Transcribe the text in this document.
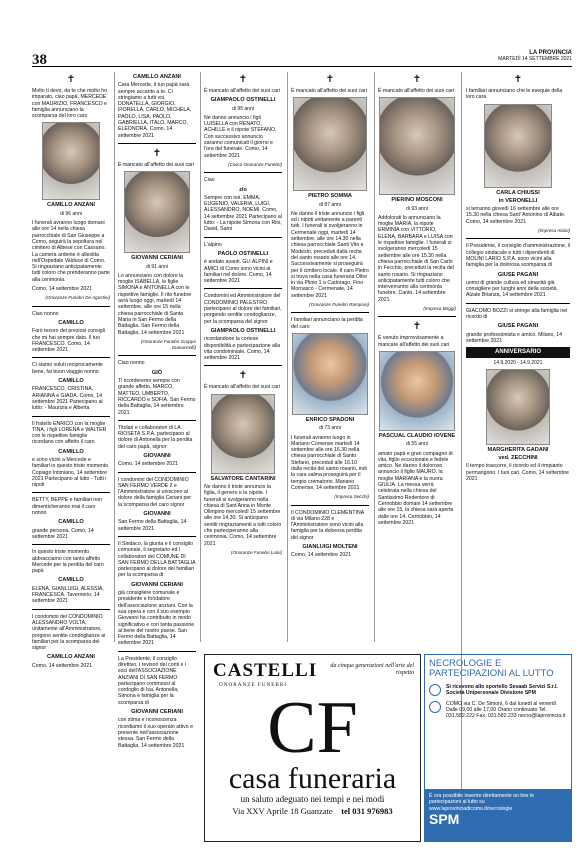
38	LA PROVINCIA
MARTEDÌ 14 SETTEMBRE 2021
✝

Molto ti devo, da te che molto ho imparato, ciao papà. MERCEDE con MAURIZIO, FRANCESCO e famiglia annunciano la scomparsa del loro caro

CAMILLO ANZANI
di 96 anni

I funerali avranno luogo domani alle ore 14 nella chiesa parrocchiale di San Giuseppe a Como, seguirà la sepoltura nel cimitero di Albese con Cassano. La camera ardente è allestita nell'Ospedale Valduce di Como. Si ringraziano anticipatamente tutti coloro che prenderanno parte alla cerimonia.

Como, 14 settembre 2021

(Onoranze Funebri De Agostini)

Ciao nonno

CAMILLO

Farò tesoro dei preziosi consigli che mi hai sempre dato. Il tuo FRANCESCO. Como, 14 settembre 2021

Ci siamo voluti reciprocamente bene, fai buon viaggio nonno

CAMILLO

FRANCESCO, CRISTINA, ARIANNA e GIADA. Como, 14 settembre 2021 Partecipano al lutto: - Maurizia e Alberta

Il fratello ENRICO con la moglie TINA, i figli LORENA e WALTER con le rispettive famiglie ricordano con affetto il caro

CAMILLO

e sono vicini a Mercede e familiari in questo triste momento. Copiago Intimiano, 14 settembre 2021 Partecipano al lutto - Tutti i nipoti

BETTY, BEPPE e familiari non dimenticheranno mai il caro nonno

CAMILLO

grande persona. Como, 14 settembre 2021

In questo triste momento abbracciamo con tanto affetto Mercede per la perdita del caro papà

CAMILLO

ELENA, GIANLUIGI, ALESSIA, FRANCESCA. Tavernerio, 14 settembre 2021

I condomini del CONDOMINIO ALESSANDRO VOLTA, unitamente all'Amministratore, porgono sentite condoglianze ai familiari per la scomparsa del signor

CAMILLO ANZANI

Como, 14 settembre 2021

CAMILLO ANZANI

Cara Mercede, il tuo papà sarà sempre accanto a te. Ci stringiamo a tutti voi. DONATELLA, GIORGIO, FIORELLA, CARLO, MICHELA, PAOLO, LISA, PAOLO, GABRIELLA, ITALO, MARCO, ELEONORA. Como, 14 settembre 2021

✝

È mancato all'affetto dei suoi cari

GIOVANNI CERIANI
di 91 anni

Lo annunciano con dolore la moglie ISABELLA, le figlie SIMONA e ANTONELLA con le rispettive famiglie. Il rito funebre avrà luogo oggi, martedì 14 settembre, alle ore 15 nella chiesa parrocchiale di Santa Maria in San Fermo della Battaglia. San Fermo della Battaglia, 14 settembre 2021

(Onoranze Funebri Gruppo Gianoncelli)

Ciao nonno

GIÒ

Ti ricorderemo sempre con grande affetto. MARCO, MATTEO, UMBERTO, RICCARDO e SOFIA. San Fermo della Battaglia, 14 settembre 2021

Titolari e collaboratori di LA RIOSETA S.P.A. partecipano al dolore di Antonella per la perdita del caro papà, signor

GIOVANNI

Como, 14 settembre 2021

I condomini del CONDOMINIO SAN FERMO VERDE 2 e l'Amministratore si uniscono al dolore della famiglia Ceriani per la scomparsa del caro signor

GIOVANNI

San Fermo della Battaglia, 14 settembre 2021

Il Sindaco, la giunta e il consiglio comunale, il segretario ed i collaboratori del COMUNE DI SAN FERMO DELLA BATTAGLIA partecipano al dolore dei familiari per la scomparsa di

GIOVANNI CERIANI

già consigliere comunale e presidente e fondatore dell'associazione anziani. Con la sua opera e con il suo esempio Giovanni ha contribuito in modo significativo e con tanta passione al bene del nostro paese. San Fermo della Battaglia, 14 settembre 2021

La Presidente, il consiglio direttivo, i revisori dei conti e i soci dell'ASSOCIAZIONE ANZIANI DI SAN FERMO partecipano commossi al cordoglio di Isa, Antonella, Simona e famiglia per la scomparsa di

GIOVANNI CERIANI

con stima e riconoscenza ricordiamo il suo operato attivo e presente nell'associazione stessa. San Fermo della Battaglia, 14 settembre 2021

✝

È mancato all'affetto dei suoi cari

GIAMPAOLO OSTINELLI
di 95 anni

Ne danno annuncio i figli LUISELLA con RENATO, ACHILLE e il nipote STEFANO. Con successivo annuncio saranno comunicati il giorno e l'ora del funerale. Como, 14 settembre 2021

(Civico Onoranze Funebri)

Ciao

zio

Sempre con noi. EMMA, EUGENIO, VALERIA, LUIGI, ALESSANDRO, NOEMI. Como, 14 settembre 2021 Partecipano al lutto: - La nipote Simona con Rini, David, Sami

L'alpino

PAOLO OSTINELLI

è andato avanti. GLI ALPINI e AMICI di Como sono vicini ai familiari nel dolore. Como, 14 settembre 2021

Condomini ed Amministratore del CONDOMINIO PALESTRO partecipano al dolore dei familiari, porgendo sentite condoglianze, per la scomparsa del signor

GIAMPAOLO OSTINELLI

ricordandone la cortese disponibilità e partecipazione alla vita condominiale. Como, 14 settembre 2021

✝

È mancato all'affetto dei suoi cari

SALVATORE CANTARINI

Ne danno il triste annuncio la figlia, il genero e la nipote. I funerali si svolgeranno nella chiesa di Sant'Anna in Monte Olimpino mercoledì 15 settembre alle ore 14.30. Si anticipano sentiti ringraziamenti a tutti coloro che parteciperanno alla cerimonia. Como, 14 settembre 2021

(Onoranze Funebri Luini)
✝

È mancato all'affetto dei suoi cari

PIETRO SOMMA
di 87 anni

Ne danno il triste annuncio i figli ed i nipoti unitamente a parenti tutti. I funerali si svolgeranno in Cermenate oggi, martedì 14 settembre, alle ore 14.30 nella chiesa parrocchiale Santi Vito e Modesto, preceduti dalla recita del santo rosario alle ore 14. Successivamente si proseguirà per il cimitero locale. Il caro Pietro si trova nella casa funeraria Oltre in via Plinio 1 a Cadorago. Fino Mornasco - Cermenate, 14 settembre 2021

(Onoranze Funebri Ramponi)

I familiari annunciano la perdita del caro

ENRICO SPADONI
di 73 anni

I funerali avranno luogo in Mariano Comense martedì 14 settembre alle ore 16.30 nella chiesa parrocchiale di Santo Stefano, preceduti alle 16.10 dalla recita del santo rosario, indi la cara salma proseguirà per il tempio crematorio. Mariano Comense, 14 settembre 2021

(Impresa Secchi)

Il CONDOMINIO CLEMENTINA di via Milano 228 e l'Amministratore sono vicini alla famiglia per la dolorosa perdita del signor

GIANLUIGI MOLTENI

Como, 14 settembre 2021

✝

È mancato all'affetto dei suoi cari

PIERINO MOSCONI
di 93 anni

Addolorati lo annunciano la moglie MARIA, la nipote ERMINIA con VITTORIO, ELENA, BARBARA e LUISA con le rispettive famiglie. I funerali si svolgeranno mercoledì 15 settembre alle ore 15.30 nella chiesa parrocchiale di San Carlo in Fecchio, preceduti la recita del santo rosario. Si ringraziano anticipatamente tutti coloro che interverranno alla cerimonia funebre. Cantù, 14 settembre 2021

(Impresa Briggi)
✝

È venuto improvvisamente a mancare all'affetto dei suoi cari

PASCUAL CLAUDIO IOVENE
di 55 anni

amato papà e gran compagno di vita, figlio eccezionale e fedele amico. Ne danno il doloroso annuncio il figlio MAURO, la moglie MARIANA e la nuora GIULIA. La messa verrà celebrata nella chiesa del Santissimo Redentore di Cernobbio domani 14 settembre alle ore 15, la chiesa sarà aperta dalle ore 14. Cernobbio, 14 settembre 2021

✝

I familiari annunciano che le esequie della loro cara

CARLA CHIUSSI
in VERONELLI

si terranno giovedì 16 settembre alle ore 15.30 nella chiesa Sant' Antonino di Albate. Como, 14 settembre 2021

(Impresa Alaini)

Il Presidente, il consiglio d'amministrazione, il collegio sindacale e tutti i dipendenti di MOLINI LARIO S.P.A. sono vicini alla famiglia per la dolorosa scomparsa di

GIUSE PAGANI

uomo di grande cultura ed umanità già consigliere per lunghi anni della società. Alzate Brianza, 14 settembre 2021

GIACOMO BOZZI si stringe alla famiglia nel ricordo di

GIUSE PAGANI

grande professionista e amico. Milano, 14 settembre 2021

ANNIVERSARIO
14.9.2020 - 14.9.2021
MARGHERITA GADANI
ved. ZECCHINI

Il tempo trascorre, il ricordo ed il rimpianto permangono. I tuoi cari. Como, 14 settembre 2021

CASTELLI
ONORANZE FUNEBRI
da cinque generazioni nell'arte del rispetto
CF
casa funeraria
un saluto adeguato nei tempi e nei modi
Via XXV Aprile 18 Guanzate tel 031 976983
NECROLOGIE E PARTECIPAZIONI AL LUTTO
Si ricevono allo sportello Sesaab Servizi S.r.l. Società Unipersonale Divisione SPM
COMO via C. De Simoni, 6 dal lunedì al venerdì Dalle 09,00 alle 17,00 Orario continuato Tel. 031.582.222 Fax. 031.582.233 necro@laprovincia.it
È ora possibile inserire direttamente on line le partecipazioni al lutto su www.laprovinciadicomo.it/necrologie
SPM
